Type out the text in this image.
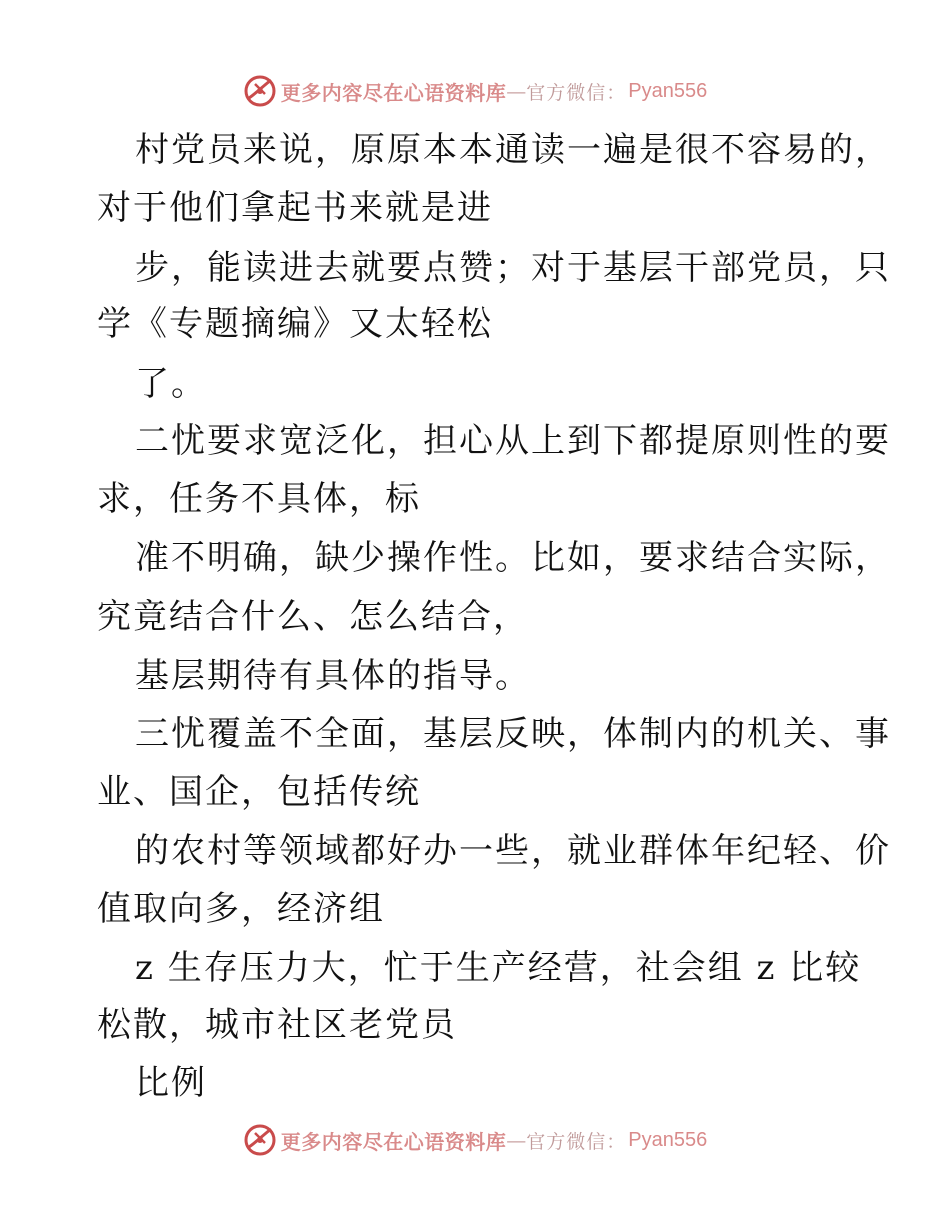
更多内容尽在心语资料库 — 官方微信： Pyan556
村党员来说，原原本本通读一遍是很不容易的，
对于他们拿起书来就是进
步，能读进去就要点赞；对于基层干部党员，只
学《专题摘编》又太轻松
了。
二忧要求宽泛化，担心从上到下都提原则性的要
求，任务不具体，标
准不明确，缺少操作性。比如，要求结合实际，
究竟结合什么、怎么结合，
基层期待有具体的指导。
三忧覆盖不全面，基层反映，体制内的机关、事
业、国企，包括传统
的农村等领域都好办一些，就业群体年纪轻、价
值取向多，经济组
z 生存压力大，忙于生产经营，社会组 z 比较
松散，城市社区老党员
比例
更多内容尽在心语资料库 — 官方微信： Pyan556
